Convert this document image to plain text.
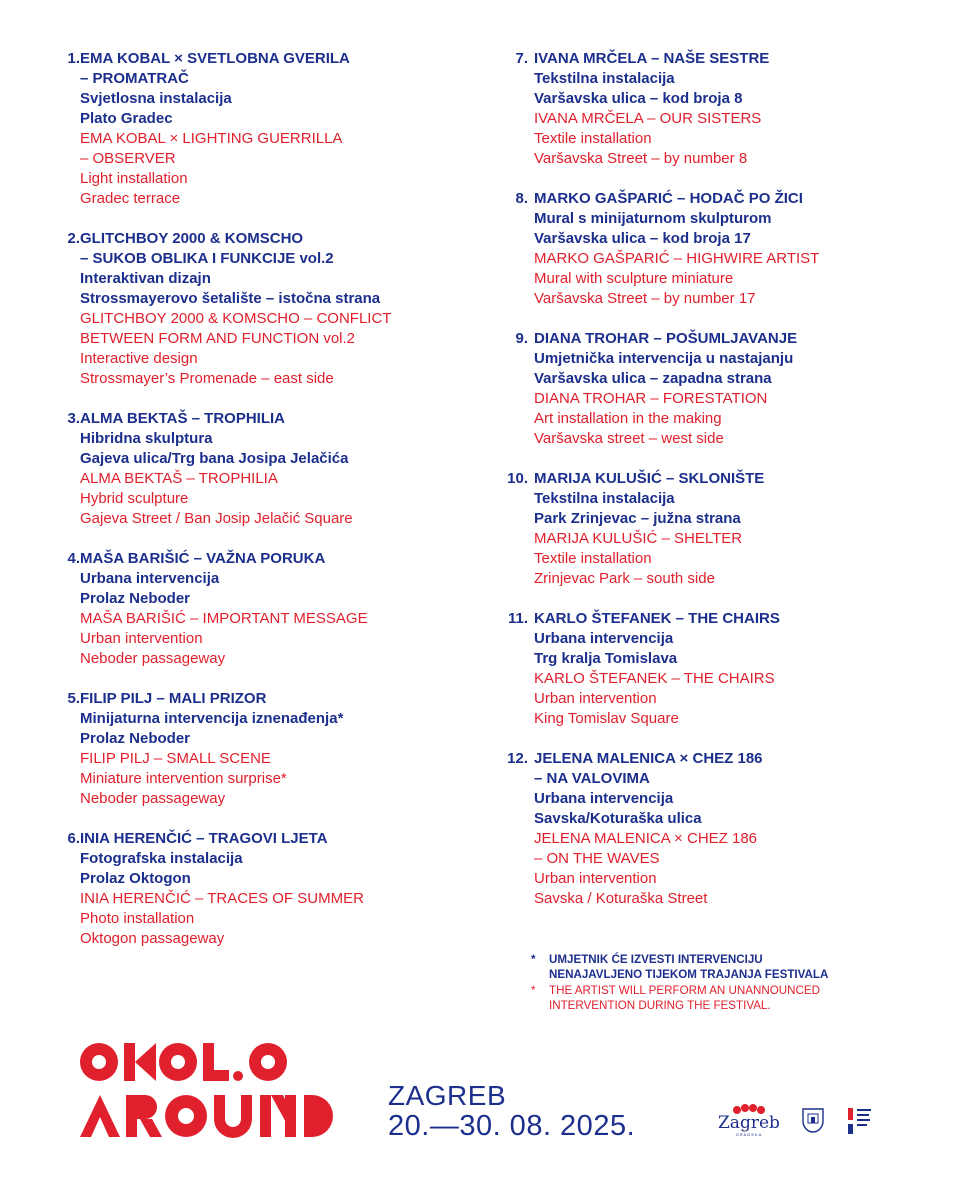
1. EMA KOBAL × SVETLOBNA GVERILA
– PROMATRAČ
Svjetlosna instalacija
Plato Gradec
EMA KOBAL × LIGHTING GUERRILLA
– OBSERVER
Light installation
Gradec terrace
2. GLITCHBOY 2000 & KOMSCHO
– SUKOB OBLIKA I FUNKCIJE vol.2
Interaktivan dizajn
Strossmayerovo šetalište – istočna strana
GLITCHBOY 2000 & KOMSCHO – CONFLICT
BETWEEN FORM AND FUNCTION vol.2
Interactive design
Strossmayer’s Promenade – east side
3. ALMA BEKTAŠ – TROPHILIA
Hibridna skulptura
Gajeva ulica/Trg bana Josipa Jelačića
ALMA BEKTAŠ – TROPHILIA
Hybrid sculpture
Gajeva Street / Ban Josip Jelačić Square
4. MAŠA BARIŠIĆ – VAŽNA PORUKA
Urbana intervencija
Prolaz Neboder
MAŠA BARIŠIĆ – IMPORTANT MESSAGE
Urban intervention
Neboder passageway
5. FILIP PILJ – MALI PRIZOR
Minijaturna intervencija iznenađenja*
Prolaz Neboder
FILIP PILJ – SMALL SCENE
Miniature intervention surprise*
Neboder passageway
6. INIA HERENČIĆ – TRAGOVI LJETA
Fotografska instalacija
Prolaz Oktogon
INIA HERENČIĆ – TRACES OF SUMMER
Photo installation
Oktogon passageway
7. IVANA MRČELA – NAŠE SESTRE
Tekstilna instalacija
Varšavska ulica – kod broja 8
IVANA MRČELA – OUR SISTERS
Textile installation
Varšavska Street – by number 8
8. MARKO GAŠPARIĆ – HODAČ PO ŽICI
Mural s minijaturnom skulpturom
Varšavska ulica – kod broja 17
MARKO GAŠPARIĆ – HIGHWIRE ARTIST
Mural with sculpture miniature
Varšavska Street – by number 17
9. DIANA TROHAR – POŠUMLJAVANJE
Umjetnička intervencija u nastajanju
Varšavska ulica – zapadna strana
DIANA TROHAR – FORESTATION
Art installation in the making
Varšavska street – west side
10. MARIJA KULUŠIĆ – SKLONIŠTE
Tekstilna instalacija
Park Zrinjevac – južna strana
MARIJA KULUŠIĆ – SHELTER
Textile installation
Zrinjevac Park – south side
11. KARLO ŠTEFANEK – THE CHAIRS
Urbana intervencija
Trg kralja Tomislava
KARLO ŠTEFANEK – THE CHAIRS
Urban intervention
King Tomislav Square
12. JELENA MALENICA × CHEZ 186
– NA VALOVIMA
Urbana intervencija
Savska/Koturaška ulica
JELENA MALENICA × CHEZ 186
– ON THE WAVES
Urban intervention
Savska / Koturaška Street
*	UMJETNIK ĆE IZVESTI INTERVENCIJU
NENAJAVLJENO TIJEKOM TRAJANJA FESTIVALA
*	THE ARTIST WILL PERFORM AN UNANNOUNCED
INTERVENTION DURING THE FESTIVAL.
ZAGREB
20.—30. 08. 2025.	Zagreb
GRADSKA
